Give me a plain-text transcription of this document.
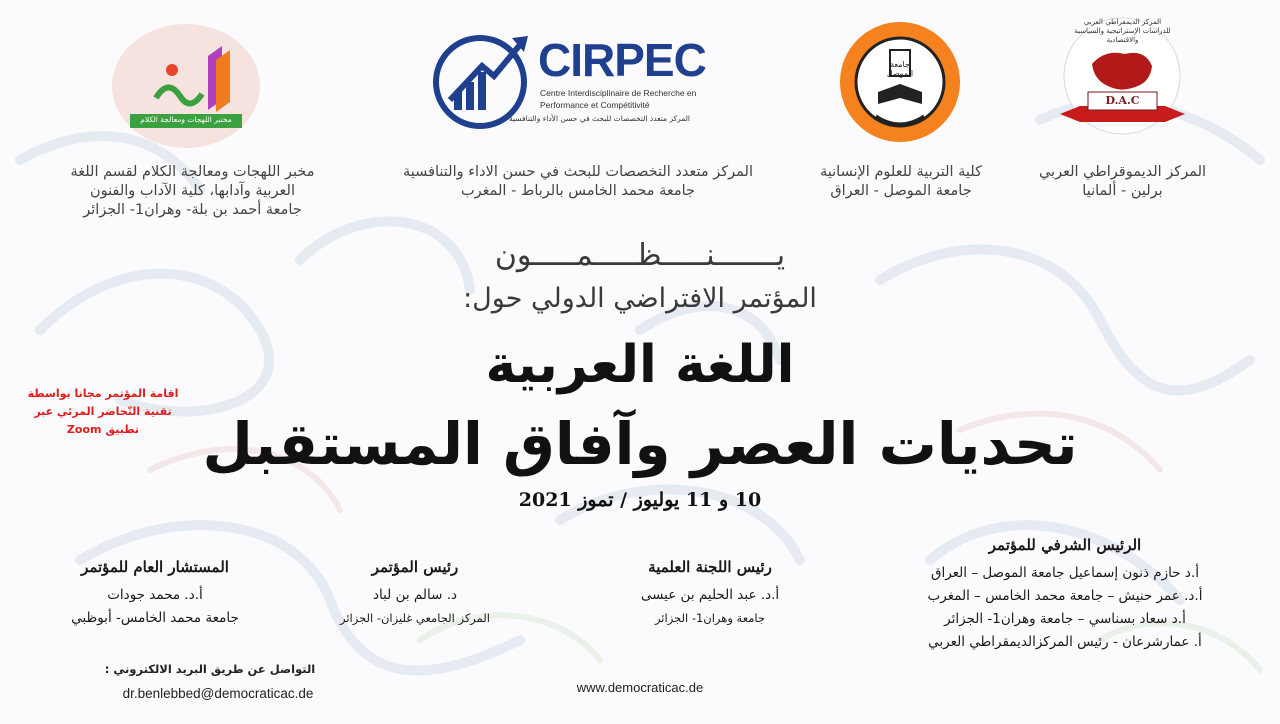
D.A.C
المركز الديمقراطي العربي للدراسات الإستراتيجية والسياسية والاقتصادية
جامعة الموصل
CIRPEC
Centre Interdisciplinaire de Recherche en
Performance et Compétitivité
المركز متعدد التخصصات للبحث في حسن الأداء والتنافسية
مختبر اللهجات ومعالجة الكلام
المركز الديموقراطي العربي
برلين - ألمانيا
كلية التربية للعلوم الإنسانية
جامعة الموصل - العراق
المركز متعدد التخصصات للبحث في حسن الاداء والتنافسية
جامعة محمد الخامس بالرباط - المغرب
مخبر اللهجات ومعالجة الكلام لقسم اللغة
العربية وآدابها، كلية الآداب والفنون
جامعة أحمد بن بلة- وهران1- الجزائر
يـــــــنـــــظـــــمـــــون
المؤتمر الافتراضي الدولي حول:
اللغة العربية
تحديات العصر وآفاق المستقبل
10 و 11 يوليوز / تموز 2021
اقامة المؤتمر مجانا بواسطة
تقنية التّحاضر المرئي عبر
تطبيق Zoom
الرئيس الشرفي للمؤتمر
أ.د حازم ذنون إسماعيل جامعة الموصل – العراق
أ.د. عمر حنيش – جامعة محمد الخامس – المغرب
أ.د سعاد بسناسي – جامعة وهران1- الجزائر
أ. عمارشرعان - رئيس المركزالديمقراطي العربي
رئيس اللجنة العلمية
أ.د. عبد الحليم بن عيسى
جامعة وهران1- الجزائر
رئيس المؤتمر
د. سالم بن لباد
المركز الجامعي غليزان- الجزائر
المستشار العام للمؤتمر
أ.د. محمد جودات
جامعة محمد الخامس- أبوظبي
التواصل عن طريق البريد الالكتروني :
dr.benlebbed@democraticac.de	www.democraticac.de
